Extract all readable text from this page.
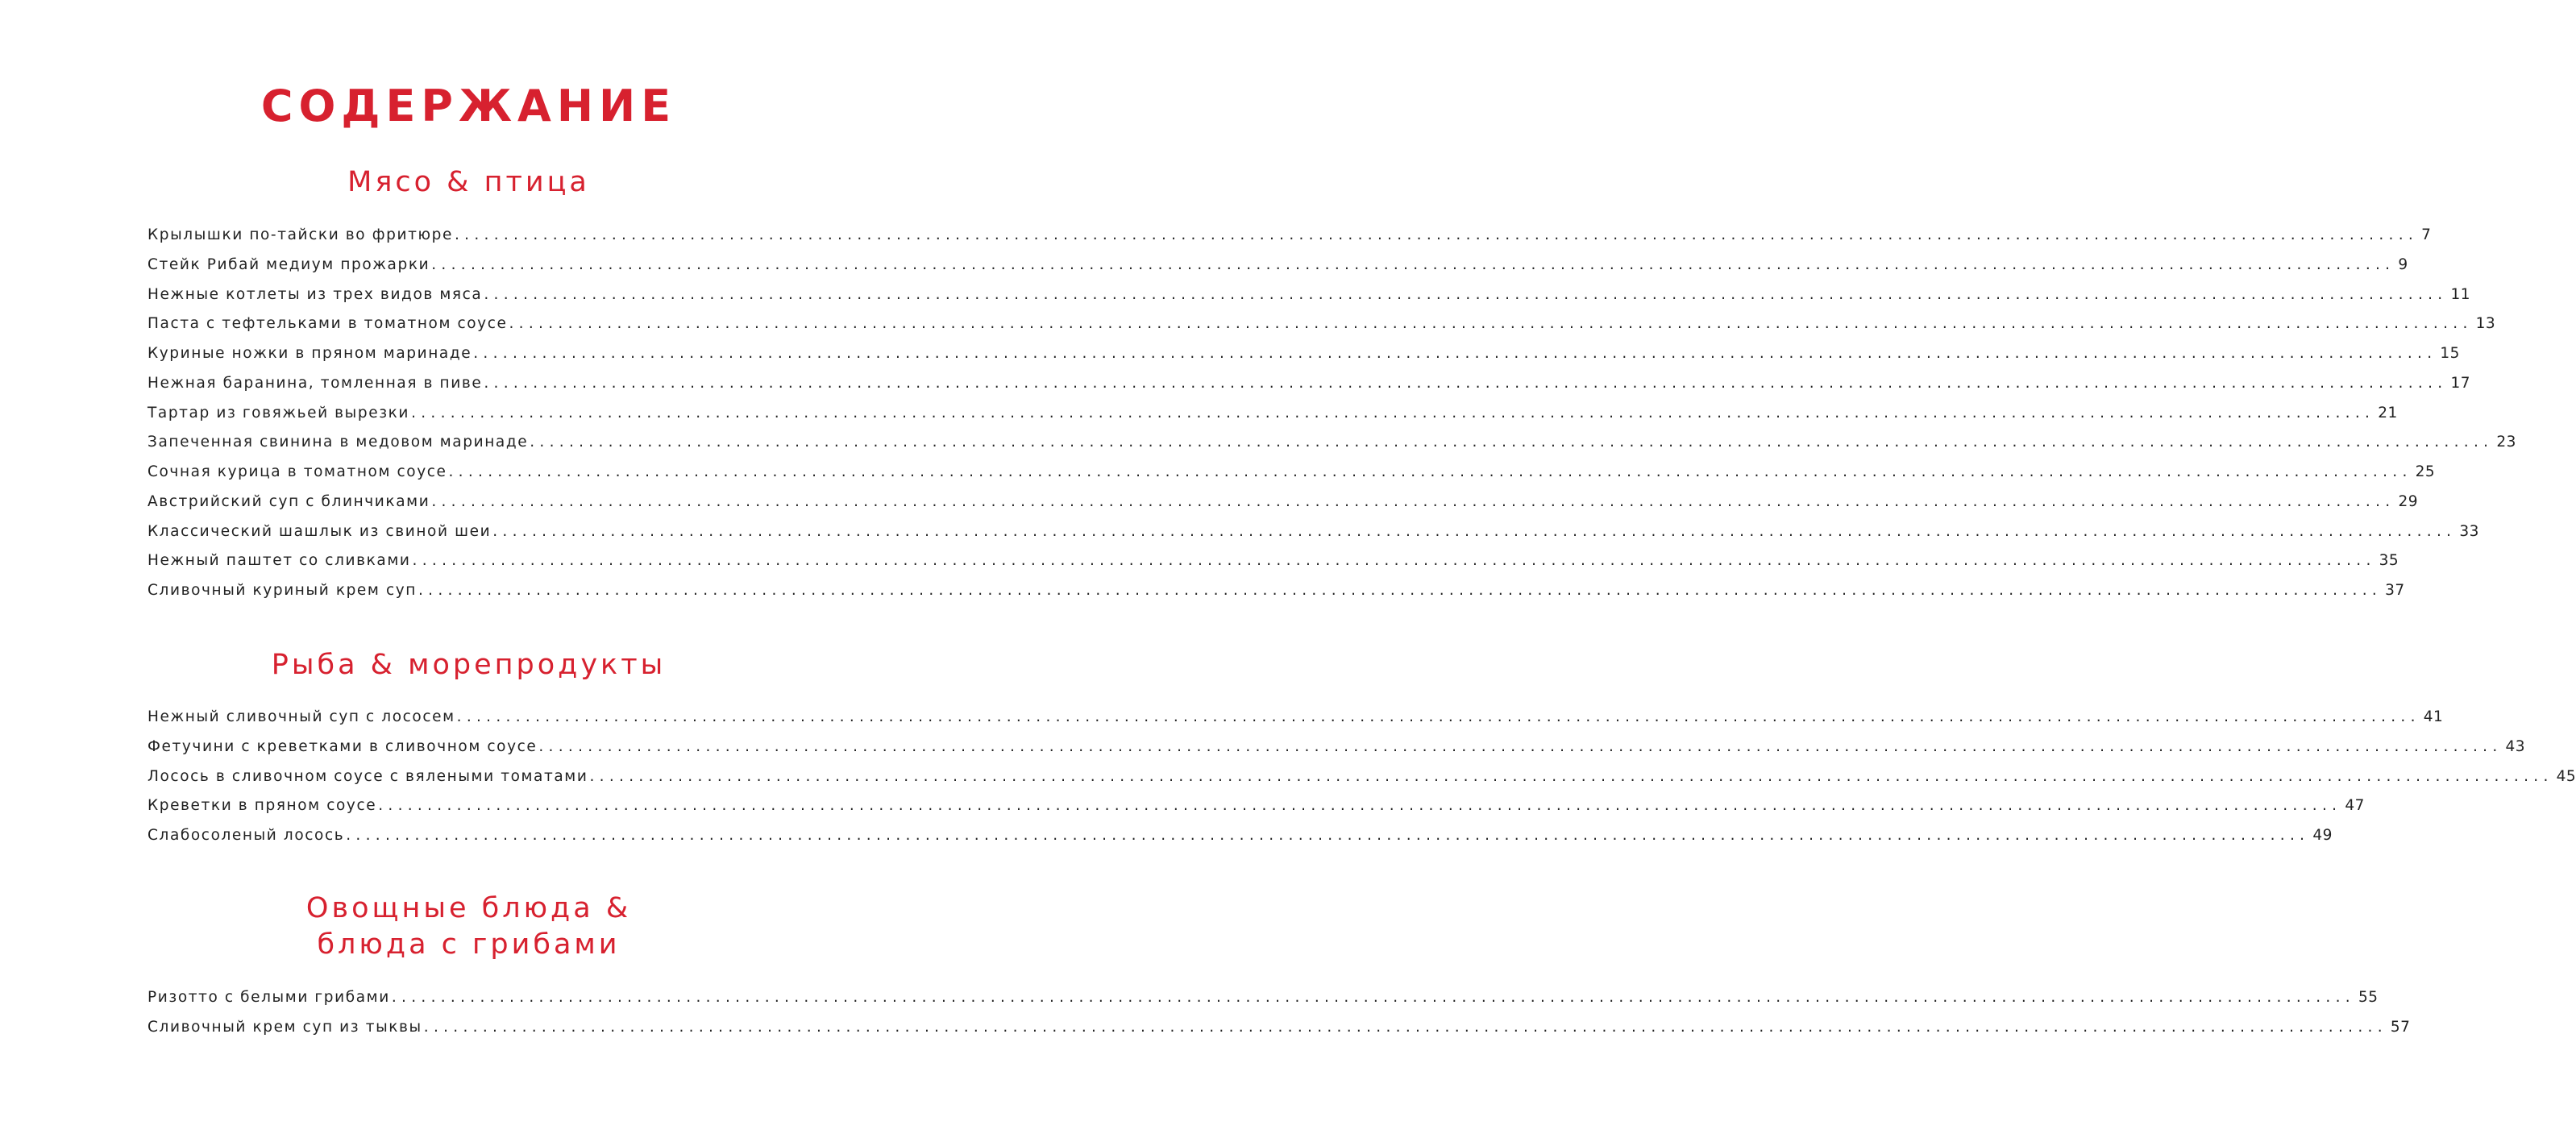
СОДЕРЖАНИЕ
Мясо & птица
Крылышки по-тайски во фритюре ........................................................................................................................................................................................................ 7
Стейк Рибай медиум прожарки ........................................................................................................................................................................................................ 9
Нежные котлеты из трех видов мяса ........................................................................................................................................................................................................ 11
Паста с тефтельками в томатном соусе ........................................................................................................................................................................................................ 13
Куриные ножки в пряном маринаде ........................................................................................................................................................................................................ 15
Нежная баранина, томленная в пиве ........................................................................................................................................................................................................ 17
Тартар из говяжьей вырезки ........................................................................................................................................................................................................ 21
Запеченная свинина в медовом маринаде ........................................................................................................................................................................................................ 23
Сочная курица в томатном соусе ........................................................................................................................................................................................................ 25
Австрийский суп с блинчиками ........................................................................................................................................................................................................ 29
Классический шашлык из свиной шеи ........................................................................................................................................................................................................ 33
Нежный паштет со сливками ........................................................................................................................................................................................................ 35
Сливочный куриный крем суп ........................................................................................................................................................................................................ 37
Рыба & морепродукты
Нежный сливочный суп с лососем ........................................................................................................................................................................................................ 41
Фетучини с креветками в сливочном соусе ........................................................................................................................................................................................................ 43
Лосось в сливочном соусе с вялеными томатами ........................................................................................................................................................................................................ 45
Креветки в пряном соусе ........................................................................................................................................................................................................ 47
Слабосоленый лосось ........................................................................................................................................................................................................ 49
Овощные блюда &
блюда с грибами
Ризотто с белыми грибами ........................................................................................................................................................................................................ 55
Сливочный крем суп из тыквы ........................................................................................................................................................................................................ 57
